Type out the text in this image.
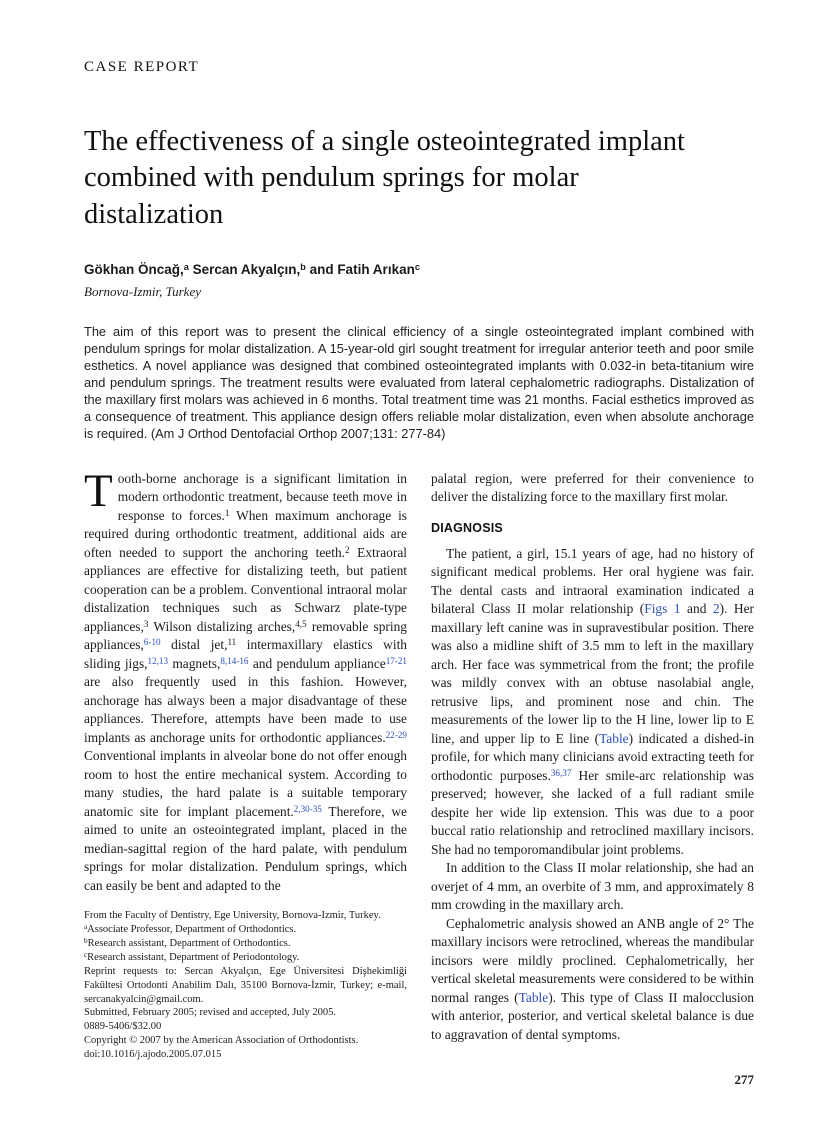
CASE REPORT
The effectiveness of a single osteointegrated implant combined with pendulum springs for molar distalization
Gökhan Öncağ,$^a$ Sercan Akyalçın,$^b$ and Fatih Arıkan$^c$
Bornova-Izmir, Turkey

The aim of this report was to present the clinical efficiency of a single osteointegrated implant combined with pendulum springs for molar distalization. A 15-year-old girl sought treatment for irregular anterior teeth and poor smile esthetics. A novel appliance was designed that combined osteointegrated implants with 0.032-in beta-titanium wire and pendulum springs. The treatment results were evaluated from lateral cephalometric radiographs. Distalization of the maxillary first molars was achieved in 6 months. Total treatment time was 21 months. Facial esthetics improved as a consequence of treatment. This appliance design offers reliable molar distalization, even when absolute anchorage is required. (Am J Orthod Dentofacial Orthop 2007;131: 277-84)

Tooth-borne anchorage is a significant limitation in modern orthodontic treatment, because teeth move in response to forces.$^1$ When maximum anchorage is required during orthodontic treatment, additional aids are often needed to support the anchoring teeth.$^2$ Extraoral appliances are effective for distalizing teeth, but patient cooperation can be a problem. Conventional intraoral molar distalization techniques such as Schwarz plate-type appliances,$^3$ Wilson distalizing arches,$^{4,5}$ removable spring appliances,$^{6-10}$ distal jet,$^{11}$ intermaxillary elastics with sliding jigs,$^{12,13}$ magnets,$^{8,14-16}$ and pendulum appliance$^{17-21}$ are also frequently used in this fashion. However, anchorage has always been a major disadvantage of these appliances. Therefore, attempts have been made to use implants as anchorage units for orthodontic appliances.$^{22-29}$ Conventional implants in alveolar bone do not offer enough room to host the entire mechanical system. According to many studies, the hard palate is a suitable temporary anatomic site for implant placement.$^{2,30-35}$ Therefore, we aimed to unite an osteointegrated implant, placed in the median-sagittal region of the hard palate, with pendulum springs for molar distalization. Pendulum springs, which can easily be bent and adapted to the

From the Faculty of Dentistry, Ege University, Bornova-Izmir, Turkey.
$^a$Associate Professor, Department of Orthodontics.
$^b$Research assistant, Department of Orthodontics.
$^c$Research assistant, Department of Periodontology.
Reprint requests to: Sercan Akyalçın, Ege Üniversitesi Dişhekimliği Fakültesi Ortodonti Anabilim Dalı, 35100 Bornova-İzmir, Turkey; e-mail, sercanakyalcin@gmail.com.
Submitted, February 2005; revised and accepted, July 2005.
0889-5406/$32.00
Copyright © 2007 by the American Association of Orthodontists.
doi:10.1016/j.ajodo.2005.07.015

palatal region, were preferred for their convenience to deliver the distalizing force to the maxillary first molar.

DIAGNOSIS

The patient, a girl, 15.1 years of age, had no history of significant medical problems. Her oral hygiene was fair. The dental casts and intraoral examination indicated a bilateral Class II molar relationship (Figs 1 and 2). Her maxillary left canine was in supravestibular position. There was also a midline shift of 3.5 mm to left in the maxillary arch. Her face was symmetrical from the front; the profile was mildly convex with an obtuse nasolabial angle, retrusive lips, and prominent nose and chin. The measurements of the lower lip to the H line, lower lip to E line, and upper lip to E line (Table) indicated a dished-in profile, for which many clinicians avoid extracting teeth for orthodontic purposes.$^{36,37}$ Her smile-arc relationship was preserved; however, she lacked of a full radiant smile despite her wide lip extension. This was due to a poor buccal ratio relationship and retroclined maxillary incisors. She had no temporomandibular joint problems.

In addition to the Class II molar relationship, she had an overjet of 4 mm, an overbite of 3 mm, and approximately 8 mm crowding in the maxillary arch.

Cephalometric analysis showed an ANB angle of 2° The maxillary incisors were retroclined, whereas the mandibular incisors were mildly proclined. Cephalometrically, her vertical skeletal measurements were considered to be within normal ranges (Table). This type of Class II malocclusion with anterior, posterior, and vertical skeletal balance is due to aggravation of dental symptoms.

277
